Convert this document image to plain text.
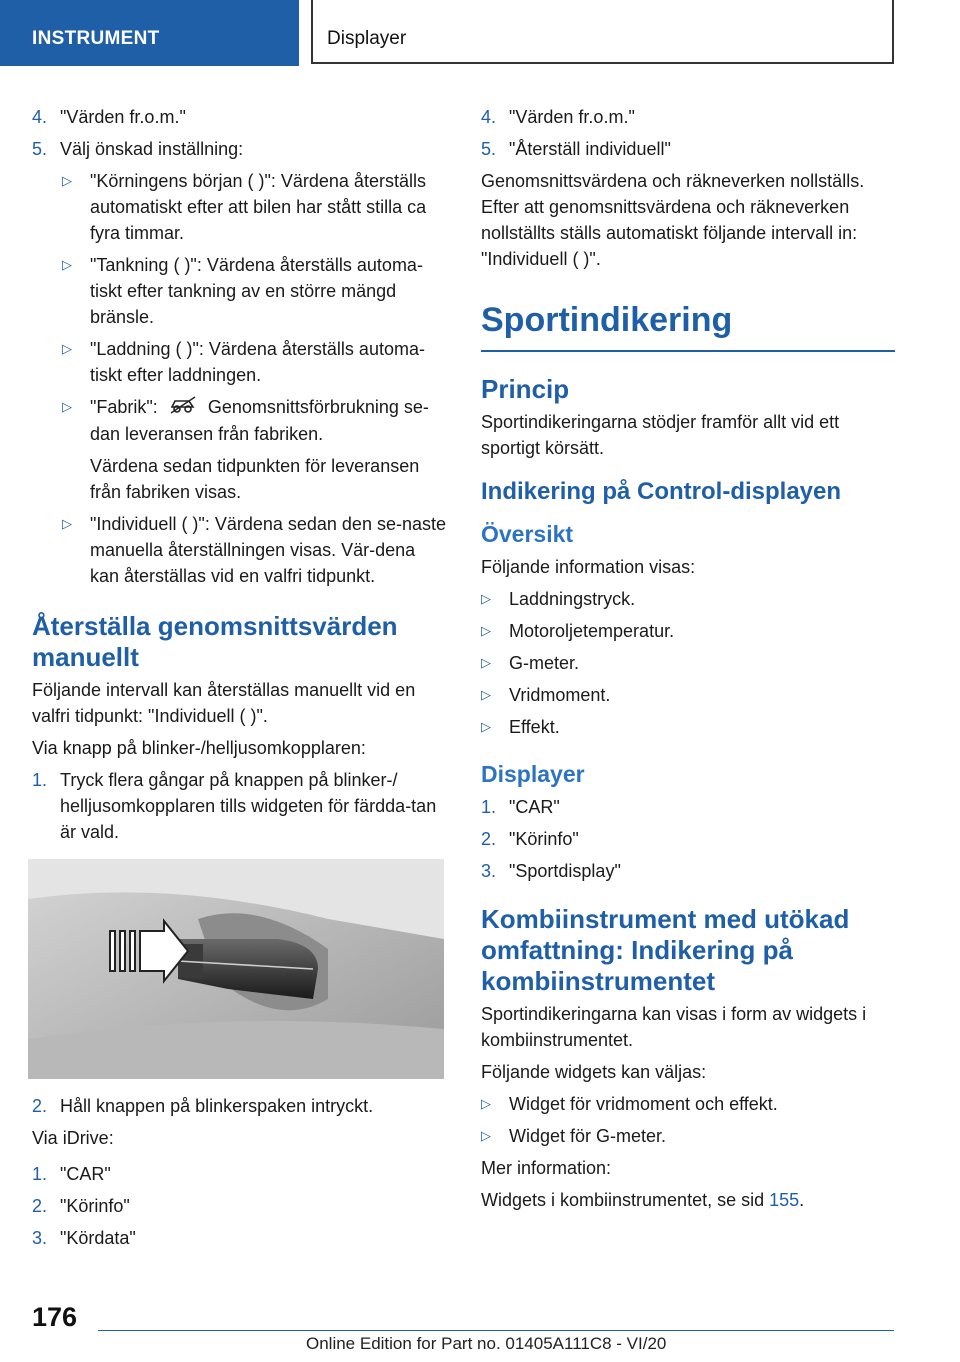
INSTRUMENT	Displayer
4. "Värden fr.o.m."
5. Välj önskad inställning:
▷ "Körningens början ( )": Värdena återställs automatiskt efter att bilen har stått stilla ca fyra timmar.
▷ "Tankning ( )": Värdena återställs automa-tiskt efter tankning av en större mängd bränsle.
▷ "Laddning ( )": Värdena återställs automa-tiskt efter laddningen.
▷ "Fabrik":	Genomsnittsförbrukning se-dan leveransen från fabriken.
Värdena sedan tidpunkten för leveransen från fabriken visas.
▷ "Individuell ( )": Värdena sedan den se-naste manuella återställningen visas. Vär-dena kan återställas vid en valfri tidpunkt.
Återställa genomsnittsvärden manuellt

Följande intervall kan återställas manuellt vid en valfri tidpunkt: "Individuell ( )".

Via knapp på blinker-/helljusomkopplaren:

1. Tryck flera gångar på knappen på blinker-/ helljusomkopplaren tills widgeten för färdda-tan är vald.
2. Håll knappen på blinkerspaken intryckt.

Via iDrive:

1. "CAR"
2. "Körinfo"
3. "Kördata"
4. "Värden fr.o.m."
5. "Återställ individuell"

Genomsnittsvärdena och räkneverken nollställs. Efter att genomsnittsvärdena och räkneverken nollställts ställs automatiskt följande intervall in: "Individuell ( )".

Sportindikering
Princip

Sportindikeringarna stödjer framför allt vid ett sportigt körsätt.

Indikering på Control-displayen
Översikt

Följande information visas:

▷ Laddningstryck.
▷ Motoroljetemperatur.
▷ G-meter.
▷ Vridmoment.
▷ Effekt.
Displayer
1. "CAR"
2. "Körinfo"
3. "Sportdisplay"
Kombiinstrument med utökad omfattning: Indikering på kombiinstrumentet

Sportindikeringarna kan visas i form av widgets i kombiinstrumentet.

Följande widgets kan väljas:

▷ Widget för vridmoment och effekt.
▷ Widget för G-meter.

Mer information:

Widgets i kombiinstrumentet, se sid 155.

176
Online Edition for Part no. 01405A111C8 - VI/20
